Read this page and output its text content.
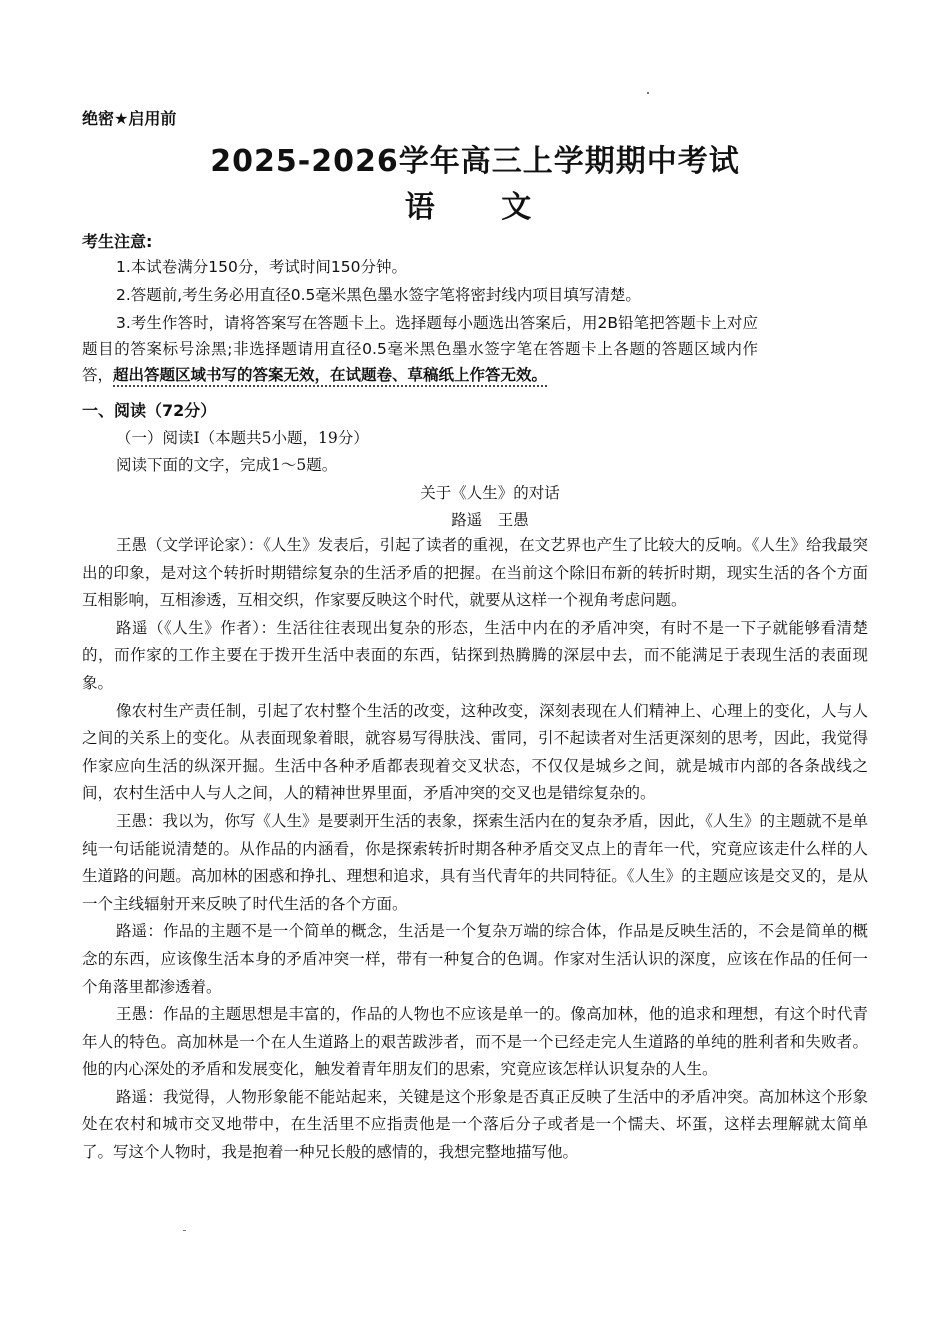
绝密★启用前
2025-2026学年高三上学期期中考试
语 文
考生注意:
1.本试卷满分150分，考试时间150分钟。
2.答题前,考生务必用直径0.5毫米黑色墨水签字笔将密封线内项目填写清楚。
3.考生作答时，请将答案写在答题卡上。选择题每小题选出答案后，用2B铅笔把答题卡上对应题目的答案标号涂黑;非选择题请用直径0.5毫米黑色墨水签字笔在答题卡上各题的答题区域内作答，超出答题区域书写的答案无效，在试题卷、草稿纸上作答无效。
一、阅读（72分）
（一）阅读Ⅰ（本题共5小题，19分）
阅读下面的文字，完成1～5题。
关于《人生》的对话
路遥　王愚

王愚（文学评论家）：《人生》发表后，引起了读者的重视，在文艺界也产生了比较大的反响。《人生》给我最突出的印象，是对这个转折时期错综复杂的生活矛盾的把握。在当前这个除旧布新的转折时期，现实生活的各个方面互相影响，互相渗透，互相交织，作家要反映这个时代，就要从这样一个视角考虑问题。

路遥（《人生》作者）：生活往往表现出复杂的形态，生活中内在的矛盾冲突，有时不是一下子就能够看清楚的，而作家的工作主要在于拨开生活中表面的东西，钻探到热腾腾的深层中去，而不能满足于表现生活的表面现象。

像农村生产责任制，引起了农村整个生活的改变，这种改变，深刻表现在人们精神上、心理上的变化，人与人之间的关系上的变化。从表面现象着眼，就容易写得肤浅、雷同，引不起读者对生活更深刻的思考，因此，我觉得作家应向生活的纵深开掘。生活中各种矛盾都表现着交叉状态，不仅仅是城乡之间，就是城市内部的各条战线之间，农村生活中人与人之间，人的精神世界里面，矛盾冲突的交叉也是错综复杂的。

王愚：我以为，你写《人生》是要剥开生活的表象，探索生活内在的复杂矛盾，因此，《人生》的主题就不是单纯一句话能说清楚的。从作品的内涵看，你是探索转折时期各种矛盾交叉点上的青年一代，究竟应该走什么样的人生道路的问题。高加林的困惑和挣扎、理想和追求，具有当代青年的共同特征。《人生》的主题应该是交叉的，是从一个主线辐射开来反映了时代生活的各个方面。

路遥：作品的主题不是一个简单的概念，生活是一个复杂万端的综合体，作品是反映生活的，不会是简单的概念的东西，应该像生活本身的矛盾冲突一样，带有一种复合的色调。作家对生活认识的深度，应该在作品的任何一个角落里都渗透着。

王愚：作品的主题思想是丰富的，作品的人物也不应该是单一的。像高加林，他的追求和理想，有这个时代青年人的特色。高加林是一个在人生道路上的艰苦跋涉者，而不是一个已经走完人生道路的单纯的胜利者和失败者。他的内心深处的矛盾和发展变化，触发着青年朋友们的思索，究竟应该怎样认识复杂的人生。

路遥：我觉得，人物形象能不能站起来，关键是这个形象是否真正反映了生活中的矛盾冲突。高加林这个形象处在农村和城市交叉地带中，在生活里不应指责他是一个落后分子或者是一个懦夫、坏蛋，这样去理解就太简单了。写这个人物时，我是抱着一种兄长般的感情的，我想完整地描写他。
